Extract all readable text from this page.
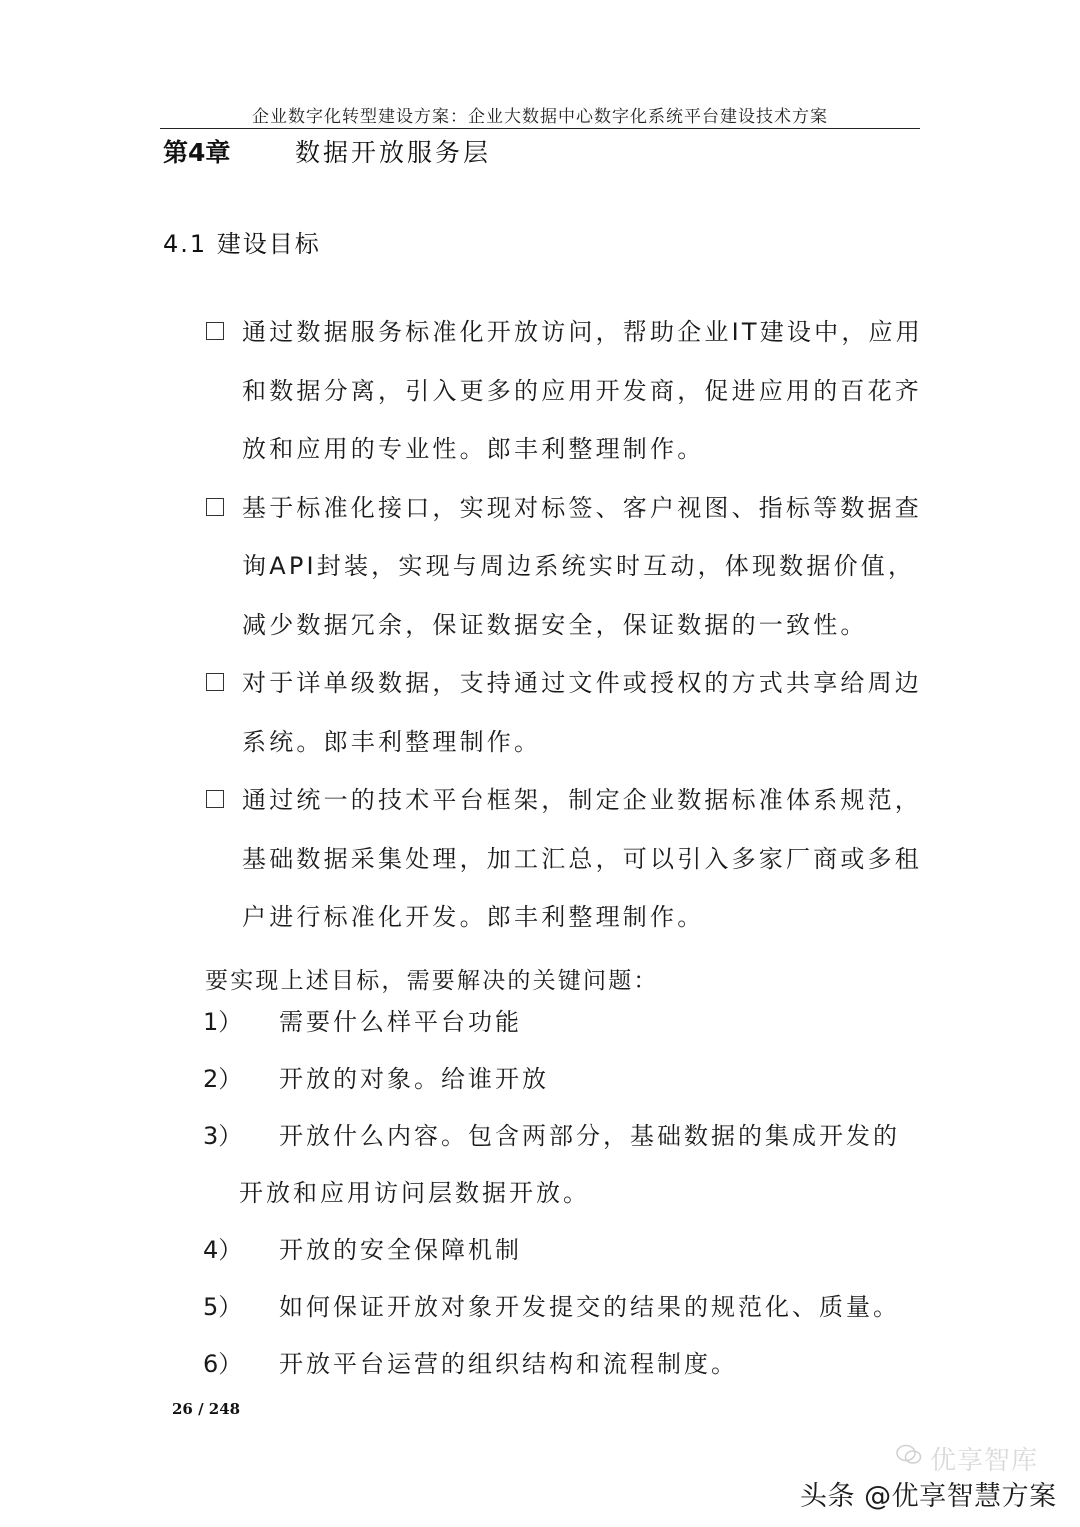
企业数字化转型建设方案：企业大数据中心数字化系统平台建设技术方案
第4章	数据开放服务层
4.1 建设目标
通过数据服务标准化开放访问，帮助企业IT建设中，应用和数据分离，引入更多的应用开发商，促进应用的百花齐放和应用的专业性。郎丰利整理制作。
基于标准化接口，实现对标签、客户视图、指标等数据查询API封装，实现与周边系统实时互动，体现数据价值，减少数据冗余，保证数据安全，保证数据的一致性。
对于详单级数据，支持通过文件或授权的方式共享给周边系统。郎丰利整理制作。
通过统一的技术平台框架，制定企业数据标准体系规范，基础数据采集处理，加工汇总，可以引入多家厂商或多租户进行标准化开发。郎丰利整理制作。
要实现上述目标，需要解决的关键问题：
1） 需要什么样平台功能
2） 开放的对象。给谁开放
3）	开放什么内容。包含两部分，基础数据的集成开发的开放和应用访问层数据开放。
4） 开放的安全保障机制
5） 如何保证开放对象开发提交的结果的规范化、质量。
6） 开放平台运营的组织结构和流程制度。
26 / 248
优享智库
头条 @优享智慧方案
